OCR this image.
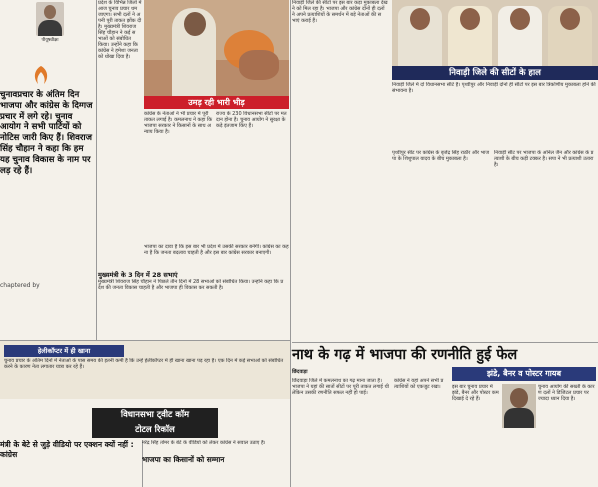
पीयूषवीक्षा
चुनावप्रचार के अंतिम दिन भाजपा और कांग्रेस के दिग्गज प्रचार में लगे रहे। चुनाव आयोग ने सभी पार्टियों को नोटिस जारी किए हैं। शिवराज सिंह चौहान ने कहा कि हम यह चुनाव विकास के नाम पर लड़ रहे हैं।
chaptered by
प्रदेश के विभिन्न जिलों में आज चुनाव प्रचार थम जाएगा। सभी दलों ने अपनी पूरी ताकत झोंक दी है। मुख्यमंत्री शिवराज सिंह चौहान ने कई सभाओं को संबोधित किया। उन्होंने कहा कि कांग्रेस ने हमेशा जनता को धोखा दिया है।
उमड़ रही भारी भीड़
कांग्रेस के नेताओं ने भी प्रचार में पूरी ताकत लगाई है। कमलनाथ ने कहा कि भाजपा सरकार ने किसानों के साथ अन्याय किया है।
राज्य के 230 विधानसभा सीटों पर मतदान होना है। चुनाव आयोग ने सुरक्षा के कड़े इंतजाम किए हैं।
भाजपा का दावा है कि इस बार भी प्रदेश में उसकी सरकार बनेगी। कांग्रेस का कहना है कि जनता बदलाव चाहती है और इस बार कांग्रेस सरकार बनाएगी।
मुख्यमंत्री के 3 दिन में 28 सभाएं
मुख्यमंत्री शिवराज सिंह चौहान ने पिछले तीन दिनों में 28 सभाओं को संबोधित किया। उन्होंने कहा कि प्रदेश की जनता विकास चाहती है और भाजपा ही विकास कर सकती है।
निवाड़ी जिले की सीटों पर इस बार कड़ा मुकाबला देखने को मिल रहा है। भाजपा और कांग्रेस दोनों ही दलों ने अपने प्रत्याशियों के समर्थन में बड़े नेताओं की सभाएं कराई हैं।
निवाड़ी जिले की सीटों के हाल
निवाड़ी जिले में दो विधानसभा सीटें हैं। पृथ्वीपुर और निवाड़ी दोनों ही सीटों पर इस बार त्रिकोणीय मुकाबला होने की संभावना है।
पृथ्वीपुर सीट पर कांग्रेस के बृजेंद्र सिंह राठौर और भाजपा के शिशुपाल यादव के बीच मुकाबला है।
निवाड़ी सीट पर भाजपा के अनिल जैन और कांग्रेस के प्रत्याशी के बीच कड़ी टक्कर है। सपा ने भी प्रत्याशी उतारा है।
हेलीकॉप्टर में ही खाना
चुनाव प्रचार के अंतिम दिनों में नेताओं के पास समय की इतनी कमी है कि उन्हें हेलीकॉप्टर में ही खाना खाना पड़ रहा है। एक दिन में कई सभाओं को संबोधित करने के कारण नेता लगातार यात्रा कर रहे हैं।
विधानसभा ट्वीट कॉम
टोटल रिकॉल
मंत्री के बेटे से जुड़े वीडियो पर एक्शन क्यों नहीं : कांग्रेस
नरेंद्र सिंह तोमर के बेटे के वीडियो को लेकर कांग्रेस ने सवाल उठाए हैं।
भाजपा का किसानों को सम्मान
नाथ के गढ़ में भाजपा की रणनीति हुई फेल
छिंदवाड़ा	झंडे, बैनर व पोस्टर गायब
छिंदवाड़ा जिले में कमलनाथ का गढ़ माना जाता है। भाजपा ने यहां की सातों सीटों पर पूरी ताकत लगाई थी लेकिन उसकी रणनीति सफल नहीं हो पाई।
कांग्रेस ने यहां अपने सभी प्रत्याशियों को एकजुट रखा।	इस बार चुनाव प्रचार में झंडे, बैनर और पोस्टर कम दिखाई दे रहे हैं।
चुनाव आयोग की सख्ती के कारण दलों ने डिजिटल प्रचार पर ज्यादा ध्यान दिया है।
